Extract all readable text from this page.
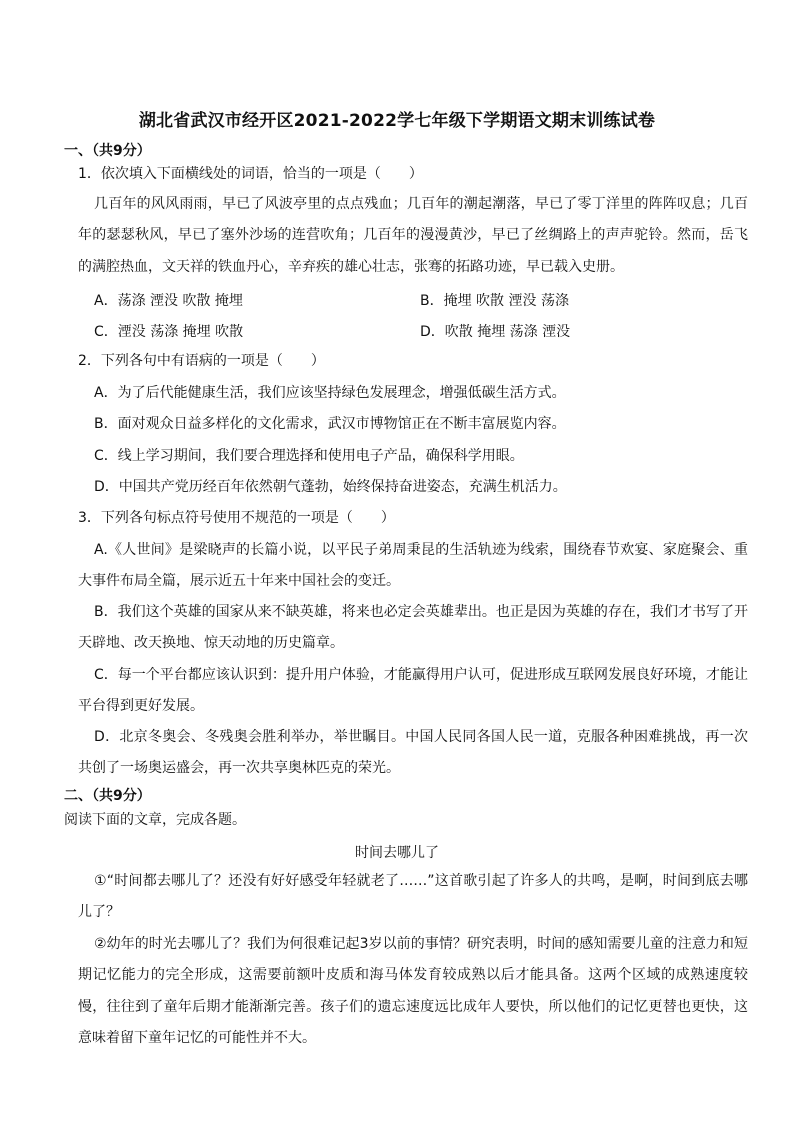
湖北省武汉市经开区2021-2022学七年级下学期语文期末训练试卷
一、（共9分）
1．依次填入下面横线处的词语，恰当的一项是（　　）
几百年的风风雨雨，早已了风波亭里的点点残血；几百年的潮起潮落，早已了零丁洋里的阵阵叹息；几百年的瑟瑟秋风，早已了塞外沙场的连营吹角；几百年的漫漫黄沙，早已了丝绸路上的声声驼铃。然而，岳飞的满腔热血，文天祥的铁血丹心，辛弃疾的雄心壮志，张骞的拓路功迹，早已载入史册。
A．荡涤 湮没 吹散 掩埋	B．掩埋 吹散 湮没 荡涤
C．湮没 荡涤 掩埋 吹散	D．吹散 掩埋 荡涤 湮没
2．下列各句中有语病的一项是（　　）
A．为了后代能健康生活，我们应该坚持绿色发展理念，增强低碳生活方式。
B．面对观众日益多样化的文化需求，武汉市博物馆正在不断丰富展览内容。
C．线上学习期间，我们要合理选择和使用电子产品，确保科学用眼。
D．中国共产党历经百年依然朝气蓬勃，始终保持奋进姿态，充满生机活力。
3．下列各句标点符号使用不规范的一项是（　　）
A.《人世间》是梁晓声的长篇小说，以平民子弟周秉昆的生活轨迹为线索，围绕春节欢宴、家庭聚会、重大事件布局全篇，展示近五十年来中国社会的变迁。
B．我们这个英雄的国家从来不缺英雄，将来也必定会英雄辈出。也正是因为英雄的存在，我们才书写了开天辟地、改天换地、惊天动地的历史篇章。
C．每一个平台都应该认识到：提升用户体验，才能赢得用户认可，促进形成互联网发展良好环境，才能让平台得到更好发展。
D．北京冬奥会、冬残奥会胜利举办，举世瞩目。中国人民同各国人民一道，克服各种困难挑战，再一次共创了一场奥运盛会，再一次共享奥林匹克的荣光。
二、（共9分）
阅读下面的文章，完成各题。
时间去哪儿了
①“时间都去哪儿了？还没有好好感受年轻就老了……”这首歌引起了许多人的共鸣，是啊，时间到底去哪儿了？
②幼年的时光去哪儿了？我们为何很难记起3岁以前的事情？研究表明，时间的感知需要儿童的注意力和短期记忆能力的完全形成，这需要前额叶皮质和海马体发育较成熟以后才能具备。这两个区域的成熟速度较慢，往往到了童年后期才能渐渐完善。孩子们的遗忘速度远比成年人要快，所以他们的记忆更替也更快，这意味着留下童年记忆的可能性并不大。
